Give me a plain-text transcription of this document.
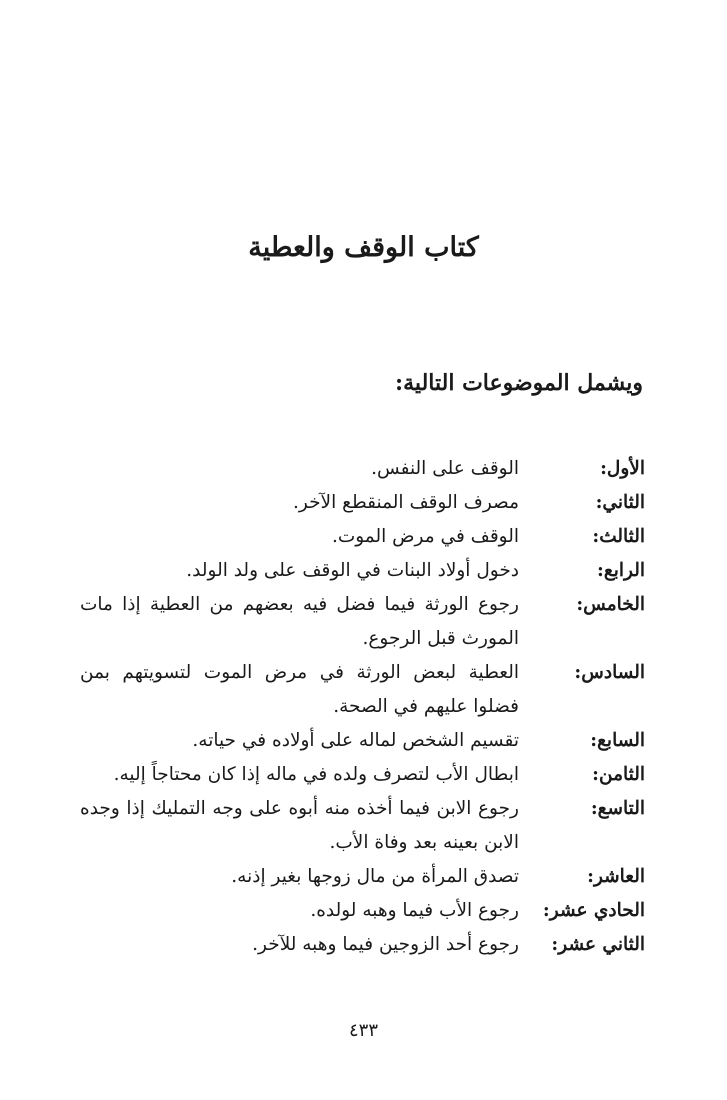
كتاب الوقف والعطية

ويشمل الموضوعات التالية:

الأول:
الوقف على النفس.
الثاني:
مصرف الوقف المنقطع الآخر.
الثالث:
الوقف في مرض الموت.
الرابع:
دخول أولاد البنات في الوقف على ولد الولد.
الخامس:
رجوع الورثة فيما فضل فيه بعضهم من العطية إذا مات المورث قبل الرجوع.
السادس:
العطية لبعض الورثة في مرض الموت لتسويتهم بمن فضلوا عليهم في الصحة.
السابع:
تقسيم الشخص لماله على أولاده في حياته.
الثامن:
ابطال الأب لتصرف ولده في ماله إذا كان محتاجاً إليه.
التاسع:
رجوع الابن فيما أخذه منه أبوه على وجه التمليك إذا وجده الابن بعينه بعد وفاة الأب.
العاشر:
تصدق المرأة من مال زوجها بغير إذنه.
الحادي عشر:
رجوع الأب فيما وهبه لولده.
الثاني عشر:
رجوع أحد الزوجين فيما وهبه للآخر.

٤٣٣
